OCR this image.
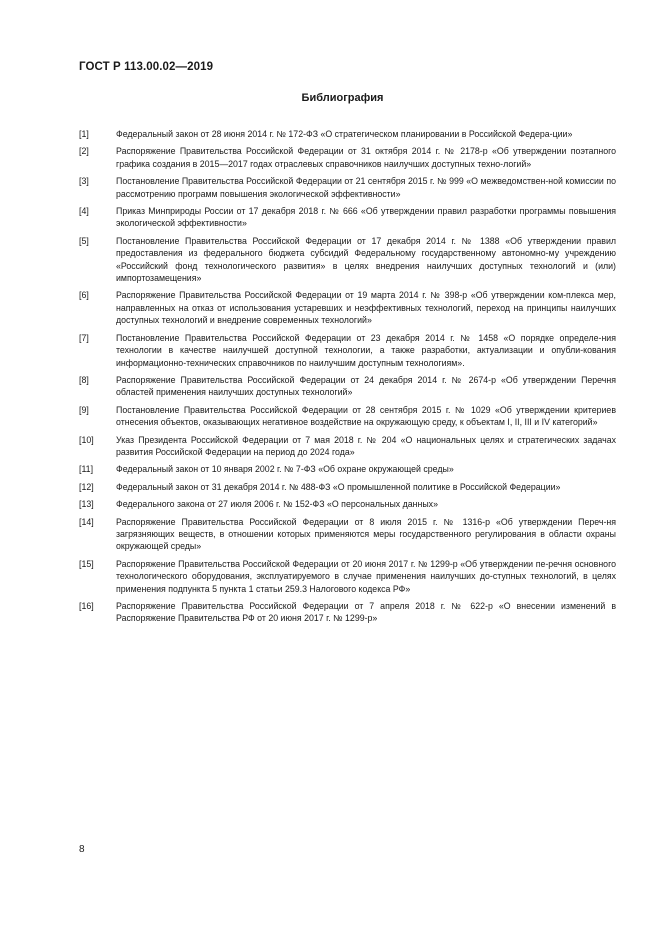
ГОСТ Р 113.00.02—2019
Библиография
[1]	Федеральный закон от 28 июня 2014 г. № 172-ФЗ «О стратегическом планировании в Российской Федера-ции»
[2]	Распоряжение Правительства Российской Федерации от 31 октября 2014 г. № 2178-р «Об утверждении поэтапного графика создания в 2015—2017 годах отраслевых справочников наилучших доступных техно-логий»
[3]	Постановление Правительства Российской Федерации от 21 сентября 2015 г. № 999 «О межведомствен-ной комиссии по рассмотрению программ повышения экологической эффективности»
[4]	Приказ Минприроды России от 17 декабря 2018 г. № 666 «Об утверждении правил разработки программы повышения экологической эффективности»
[5]	Постановление Правительства Российской Федерации от 17 декабря 2014 г. № 1388 «Об утверждении правил предоставления из федерального бюджета субсидий Федеральному государственному автономно-му учреждению «Российский фонд технологического развития» в целях внедрения наилучших доступных технологий и (или) импортозамещения»
[6]	Распоряжение Правительства Российской Федерации от 19 марта 2014 г. № 398-р «Об утверждении ком-плекса мер, направленных на отказ от использования устаревших и неэффективных технологий, переход на принципы наилучших доступных технологий и внедрение современных технологий»
[7]	Постановление Правительства Российской Федерации от 23 декабря 2014 г. № 1458 «О порядке определе-ния технологии в качестве наилучшей доступной технологии, а также разработки, актуализации и опубли-кования информационно-технических справочников по наилучшим доступным технологиям».
[8]	Распоряжение Правительства Российской Федерации от 24 декабря 2014 г. № 2674-р «Об утверждении Перечня областей применения наилучших доступных технологий»
[9]	Постановление Правительства Российской Федерации от 28 сентября 2015 г. № 1029 «Об утверждении критериев отнесения объектов, оказывающих негативное воздействие на окружающую среду, к объектам I, II, III и IV категорий»
[10]	Указ Президента Российской Федерации от 7 мая 2018 г. № 204 «О национальных целях и стратегических задачах развития Российской Федерации на период до 2024 года»
[11]	Федеральный закон от 10 января 2002 г. № 7-ФЗ «Об охране окружающей среды»
[12]	Федеральный закон от 31 декабря 2014 г. № 488-ФЗ «О промышленной политике в Российской Федерации»
[13]	Федерального закона от 27 июля 2006 г. № 152-ФЗ «О персональных данных»
[14]	Распоряжение Правительства Российской Федерации от 8 июля 2015 г. № 1316-р «Об утверждении Переч-ня загрязняющих веществ, в отношении которых применяются меры государственного регулирования в области охраны окружающей среды»
[15]	Распоряжение Правительства Российской Федерации от 20 июня 2017 г. № 1299-р «Об утверждении пе-речня основного технологического оборудования, эксплуатируемого в случае применения наилучших до-ступных технологий, в целях применения подпункта 5 пункта 1 статьи 259.3 Налогового кодекса РФ»
[16]	Распоряжение Правительства Российской Федерации от 7 апреля 2018 г. № 622-р «О внесении изменений в Распоряжение Правительства РФ от 20 июня 2017 г. № 1299-р»
8
